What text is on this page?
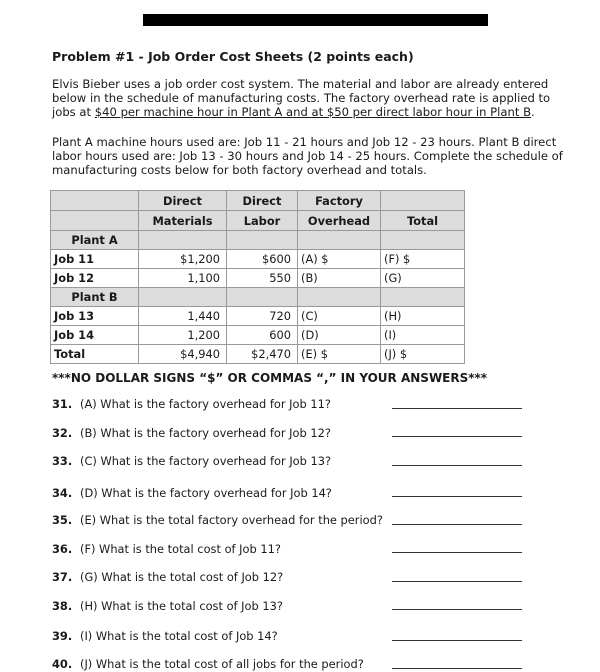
Problem #1 - Job Order Cost Sheets (2 points each)
Elvis Bieber uses a job order cost system. The material and labor are already entered below in the schedule of manufacturing costs. The factory overhead rate is applied to jobs at $40 per machine hour in Plant A and at $50 per direct labor hour in Plant B.
Plant A machine hours used are: Job 11 - 21 hours and Job 12 - 23 hours. Plant B direct labor hours used are: Job 13 - 30 hours and Job 14 - 25 hours. Complete the schedule of manufacturing costs below for both factory overhead and totals.
	Direct	Direct	Factory	
	Materials	Labor	Overhead	Total
Plant A				
Job 11	$1,200	$600	(A) $	(F) $
Job 12	1,100	550	(B)	(G)
Plant B				
Job 13	1,440	720	(C)	(H)
Job 14	1,200	600	(D)	(I)
Total	$4,940	$2,470	(E) $	(J) $
***NO DOLLAR SIGNS “$” OR COMMAS “,” IN YOUR ANSWERS***
31. (A) What is the factory overhead for Job 11?
32. (B) What is the factory overhead for Job 12?
33. (C) What is the factory overhead for Job 13?
34. (D) What is the factory overhead for Job 14?
35. (E) What is the total factory overhead for the period?
36. (F) What is the total cost of Job 11?
37. (G) What is the total cost of Job 12?
38. (H) What is the total cost of Job 13?
39. (I) What is the total cost of Job 14?
40. (J) What is the total cost of all jobs for the period?
